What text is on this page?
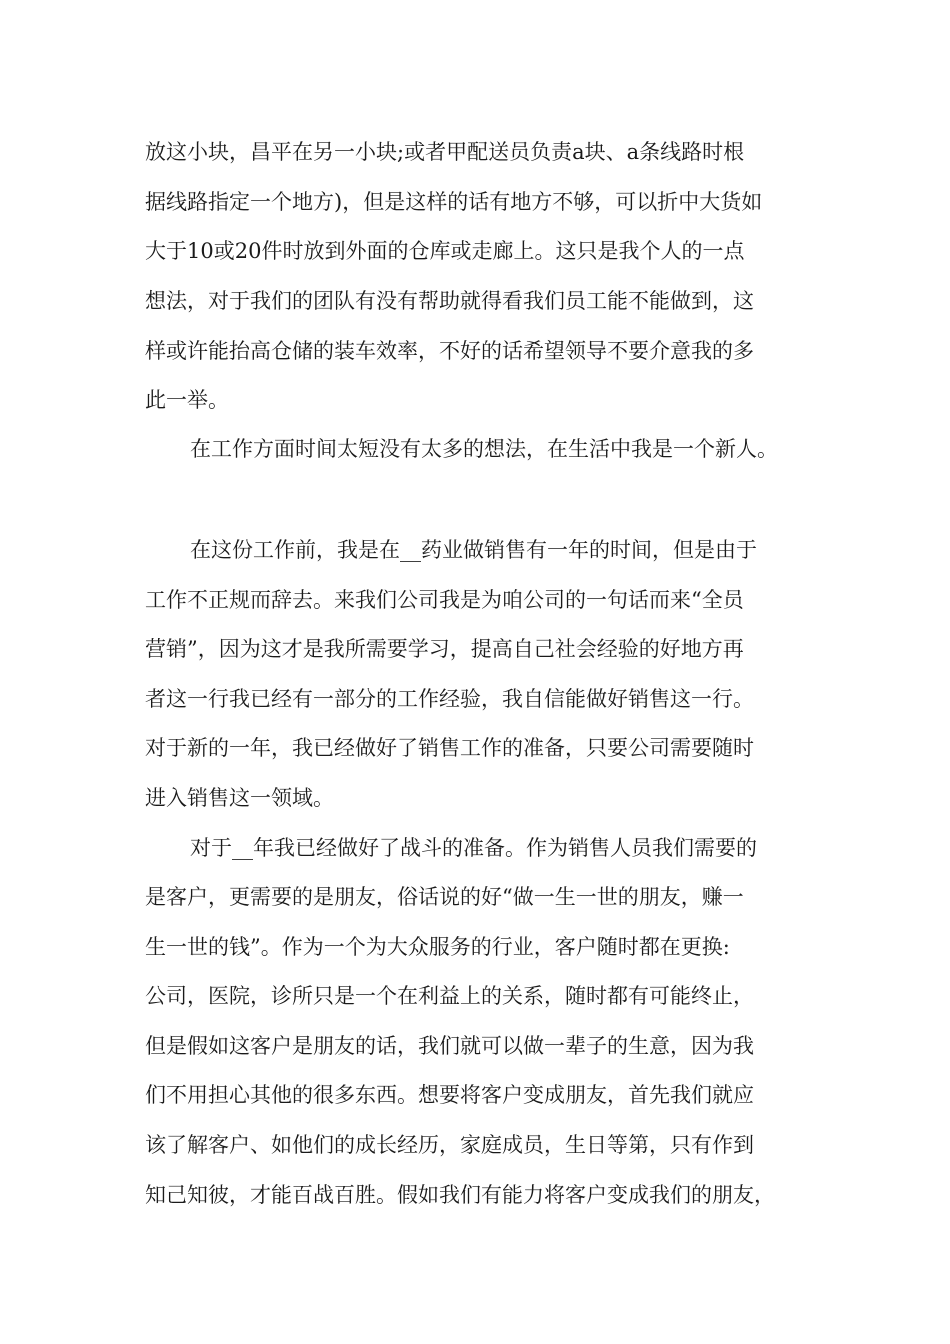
放这小块，昌平在另一小块;或者甲配送员负责a块、a条线路时根
据线路指定一个地方)，但是这样的话有地方不够，可以折中大货如
大于10或20件时放到外面的仓库或走廊上。这只是我个人的一点
想法，对于我们的团队有没有帮助就得看我们员工能不能做到，这
样或许能抬高仓储的装车效率，不好的话希望领导不要介意我的多
此一举。
在工作方面时间太短没有太多的想法，在生活中我是一个新人。
在这份工作前，我是在__药业做销售有一年的时间，但是由于
工作不正规而辞去。来我们公司我是为咱公司的一句话而来“全员
营销”，因为这才是我所需要学习，提高自己社会经验的好地方再
者这一行我已经有一部分的工作经验，我自信能做好销售这一行。
对于新的一年，我已经做好了销售工作的准备，只要公司需要随时
进入销售这一领域。
对于__年我已经做好了战斗的准备。作为销售人员我们需要的
是客户，更需要的是朋友，俗话说的好“做一生一世的朋友，赚一
生一世的钱”。作为一个为大众服务的行业，客户随时都在更换:
公司，医院，诊所只是一个在利益上的关系，随时都有可能终止，
但是假如这客户是朋友的话，我们就可以做一辈子的生意，因为我
们不用担心其他的很多东西。想要将客户变成朋友，首先我们就应
该了解客户、如他们的成长经历，家庭成员，生日等第，只有作到
知己知彼，才能百战百胜。假如我们有能力将客户变成我们的朋友，
